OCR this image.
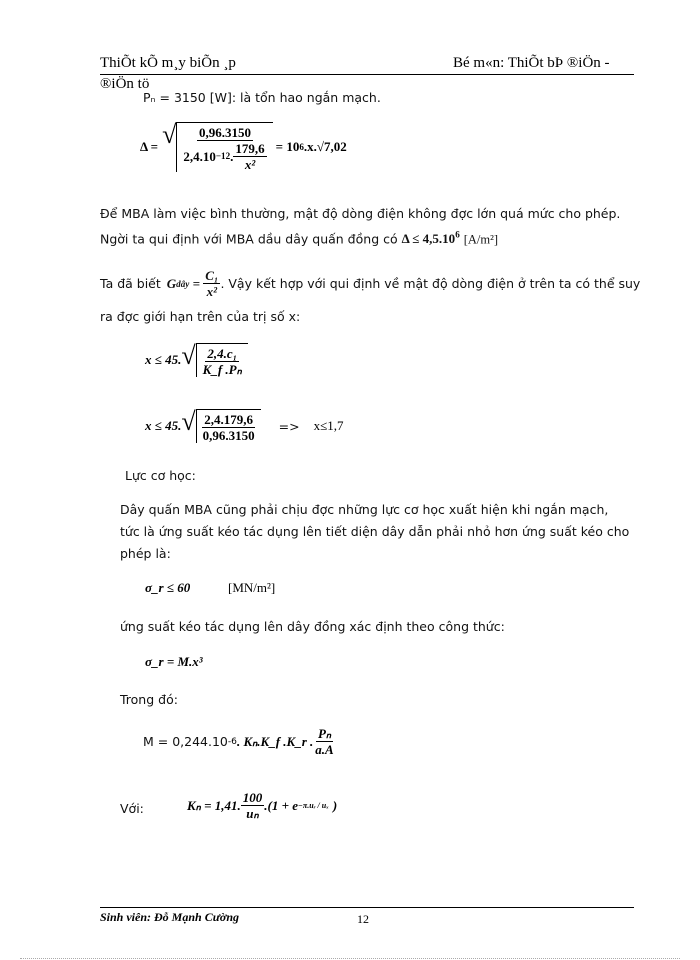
ThiÕt kÕ m¸y biÕn ¸p	Bé m«n: ThiÕt bÞ ®iÖn -
®iÖn tö
Pₙ = 3150 [W]: là tổn hao ngắn mạch.
Δ = √ $\frac{0,96.3150}{2,4.10 -12 . \frac{179,6}{\text{x²}}} = 10$ 6 .x.√7,02
Để MBA làm việc bình thường, mật độ dòng điện không đợc lớn quá mức cho phép.
Ngời ta qui định với MBA dầu dây quấn đồng có $\Delta \le 4,5.10^6$ [A/m²]
Ta đã biết G dây = $\frac{\text{C₁}}{\text{x²}}$ . Vậy kết hợp với qui định về mật độ dòng điện ở trên ta có thể suy
ra đợc giới hạn trên của trị số x:
x ≤ 45. √ $\frac{\text{2,4.c₁}}{\text{K\_f .Pₙ}}$
x ≤ 45. √ $\frac{2,4.179,6}{0,96.3150} => x\le 1,7$
Lực cơ học:
Dây quấn MBA cũng phải chịu đợc những lực cơ học xuất hiện khi ngắn mạch,
tức là ứng suất kéo tác dụng lên tiết diện dây dẫn phải nhỏ hơn ứng suất kéo cho
phép là:
σ_r ≤ 60	[MN/m²]
ứng suất kéo tác dụng lên dây đồng xác định theo công thức:
σ_r = M.x³
Trong đó:
M = 0,244.10 -6 . Kₙ.K_f .K_r . $\frac{\text{Pₙ}}{a.A}$
Với:	Kₙ = 1,41. $\frac{100}{\text{uₙ}} .(1 + e$ −π.uᵣ / uₓ )
Sinh viên: Đỗ Mạnh Cường	12
